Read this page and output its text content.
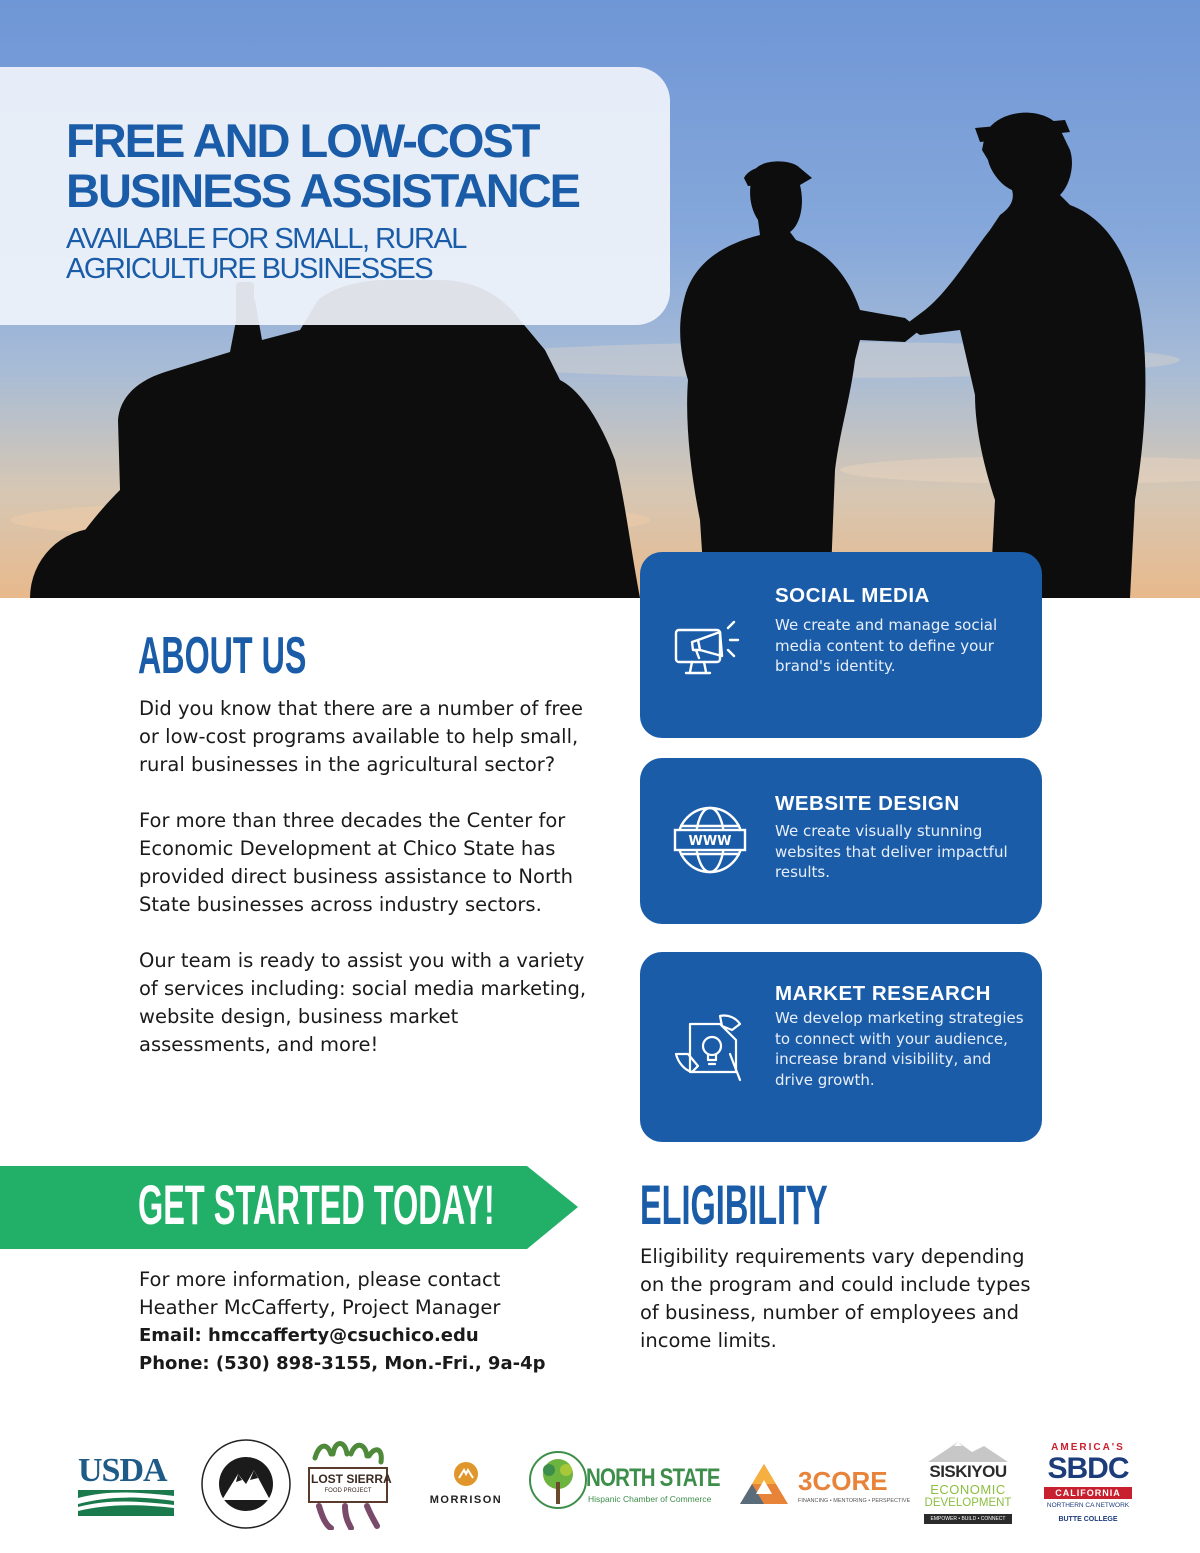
FREE AND LOW-COST BUSINESS ASSISTANCE
AVAILABLE FOR SMALL, RURAL AGRICULTURE BUSINESSES
ABOUT US

Did you know that there are a number of free or low-cost programs available to help small, rural businesses in the agricultural sector?

For more than three decades the Center for Economic Development at Chico State has provided direct business assistance to North State businesses across industry sectors.

Our team is ready to assist you with a variety of services including: social media marketing, website design, business market assessments, and more!

SOCIAL MEDIA
We create and manage social media content to define your brand's identity.
WWW
WEBSITE DESIGN
We create visually stunning websites that deliver impactful results.
MARKET RESEARCH
We develop marketing strategies to connect with your audience, increase brand visibility, and drive growth.
GET STARTED TODAY!
For more information, please contact
Heather McCafferty, Project Manager
Email: hmccafferty@csuchico.edu
Phone: (530) 898-3155, Mon.-Fri., 9a-4p
ELIGIBILITY
Eligibility requirements vary depending on the program and could include types of business, number of employees and income limits.
USDA	LOST SIERRA
FOOD PROJECT
MORRISON
NORTH STATE
Hispanic Chamber of Commerce
3CORE
FINANCING • MENTORING • PERSPECTIVE
SISKIYOU
ECONOMIC
DEVELOPMENT
EMPOWER • BUILD • CONNECT
AMERICA'S
SBDC
CALIFORNIA
NORTHERN CA NETWORK
BUTTE COLLEGE
